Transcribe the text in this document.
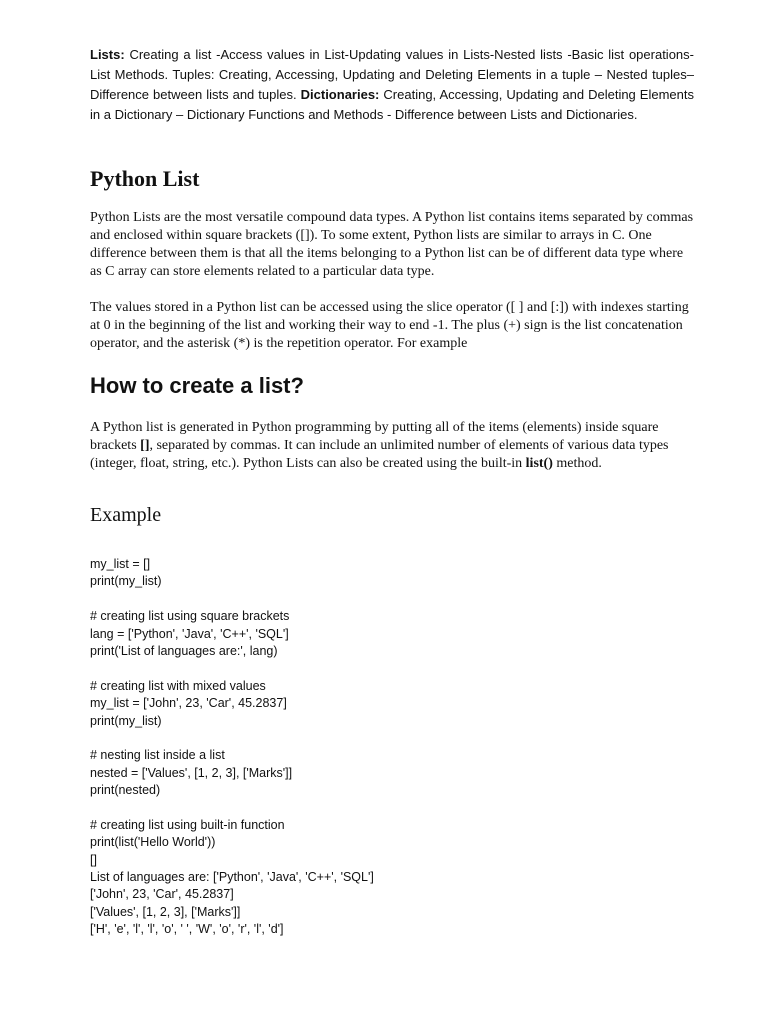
Lists: Creating a list -Access values in List-Updating values in Lists-Nested lists -Basic list operations-List Methods. Tuples: Creating, Accessing, Updating and Deleting Elements in a tuple – Nested tuples– Difference between lists and tuples. Dictionaries: Creating, Accessing, Updating and Deleting Elements in a Dictionary – Dictionary Functions and Methods - Difference between Lists and Dictionaries.

Python List

Python Lists are the most versatile compound data types. A Python list contains items separated by commas and enclosed within square brackets ([]). To some extent, Python lists are similar to arrays in C. One difference between them is that all the items belonging to a Python list can be of different data type where as C array can store elements related to a particular data type.

The values stored in a Python list can be accessed using the slice operator ([ ] and [:]) with indexes starting at 0 in the beginning of the list and working their way to end -1. The plus (+) sign is the list concatenation operator, and the asterisk (*) is the repetition operator. For example

How to create a list?

A Python list is generated in Python programming by putting all of the items (elements) inside square brackets [], separated by commas. It can include an unlimited number of elements of various data types (integer, float, string, etc.). Python Lists can also be created using the built-in list() method.

Example
my_list = []
print(my_list)
# creating list using square brackets
lang = ['Python', 'Java', 'C++', 'SQL']
print('List of languages are:', lang)
# creating list with mixed values
my_list = ['John', 23, 'Car', 45.2837]
print(my_list)
# nesting list inside a list
nested = ['Values', [1, 2, 3], ['Marks']]
print(nested)
# creating list using built-in function
print(list('Hello World'))
[]
List of languages are: ['Python', 'Java', 'C++', 'SQL']
['John', 23, 'Car', 45.2837]
['Values', [1, 2, 3], ['Marks']]
['H', 'e', 'l', 'l', 'o', ' ', 'W', 'o', 'r', 'l', 'd']
